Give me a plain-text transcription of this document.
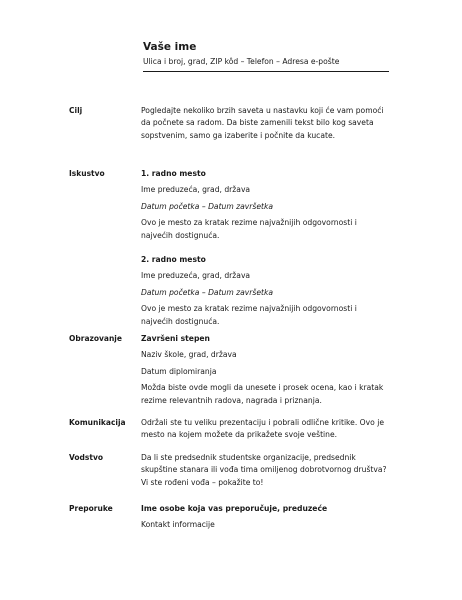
Vaše ime
Ulica i broj, grad, ZIP kôd – Telefon – Adresa e-pošte
Cilj	Pogledajte nekoliko brzih saveta u nastavku koji će vam pomoći da počnete sa radom. Da biste zamenili tekst bilo kog saveta sopstvenim, samo ga izaberite i počnite da kucate.

Iskustvo	1. radno mesto

Ime preduzeća, grad, država

Datum početka – Datum završetka

Ovo je mesto za kratak rezime najvažnijih odgovornosti i najvećih dostignuća.

2. radno mesto

Ime preduzeća, grad, država

Datum početka – Datum završetka

Ovo je mesto za kratak rezime najvažnijih odgovornosti i najvećih dostignuća.

Obrazovanje	Završeni stepen

Naziv škole, grad, država

Datum diplomiranja

Možda biste ovde mogli da unesete i prosek ocena, kao i kratak rezime relevantnih radova, nagrada i priznanja.

Komunikacija	Održali ste tu veliku prezentaciju i pobrali odlične kritike. Ovo je mesto na kojem možete da prikažete svoje veštine.

Vodstvo	Da li ste predsednik studentske organizacije, predsednik skupštine stanara ili vođa tima omiljenog dobrotvornog društva? Vi ste rođeni vođa – pokažite to!

Preporuke	Ime osobe koja vas preporučuje, preduzeće

Kontakt informacije
